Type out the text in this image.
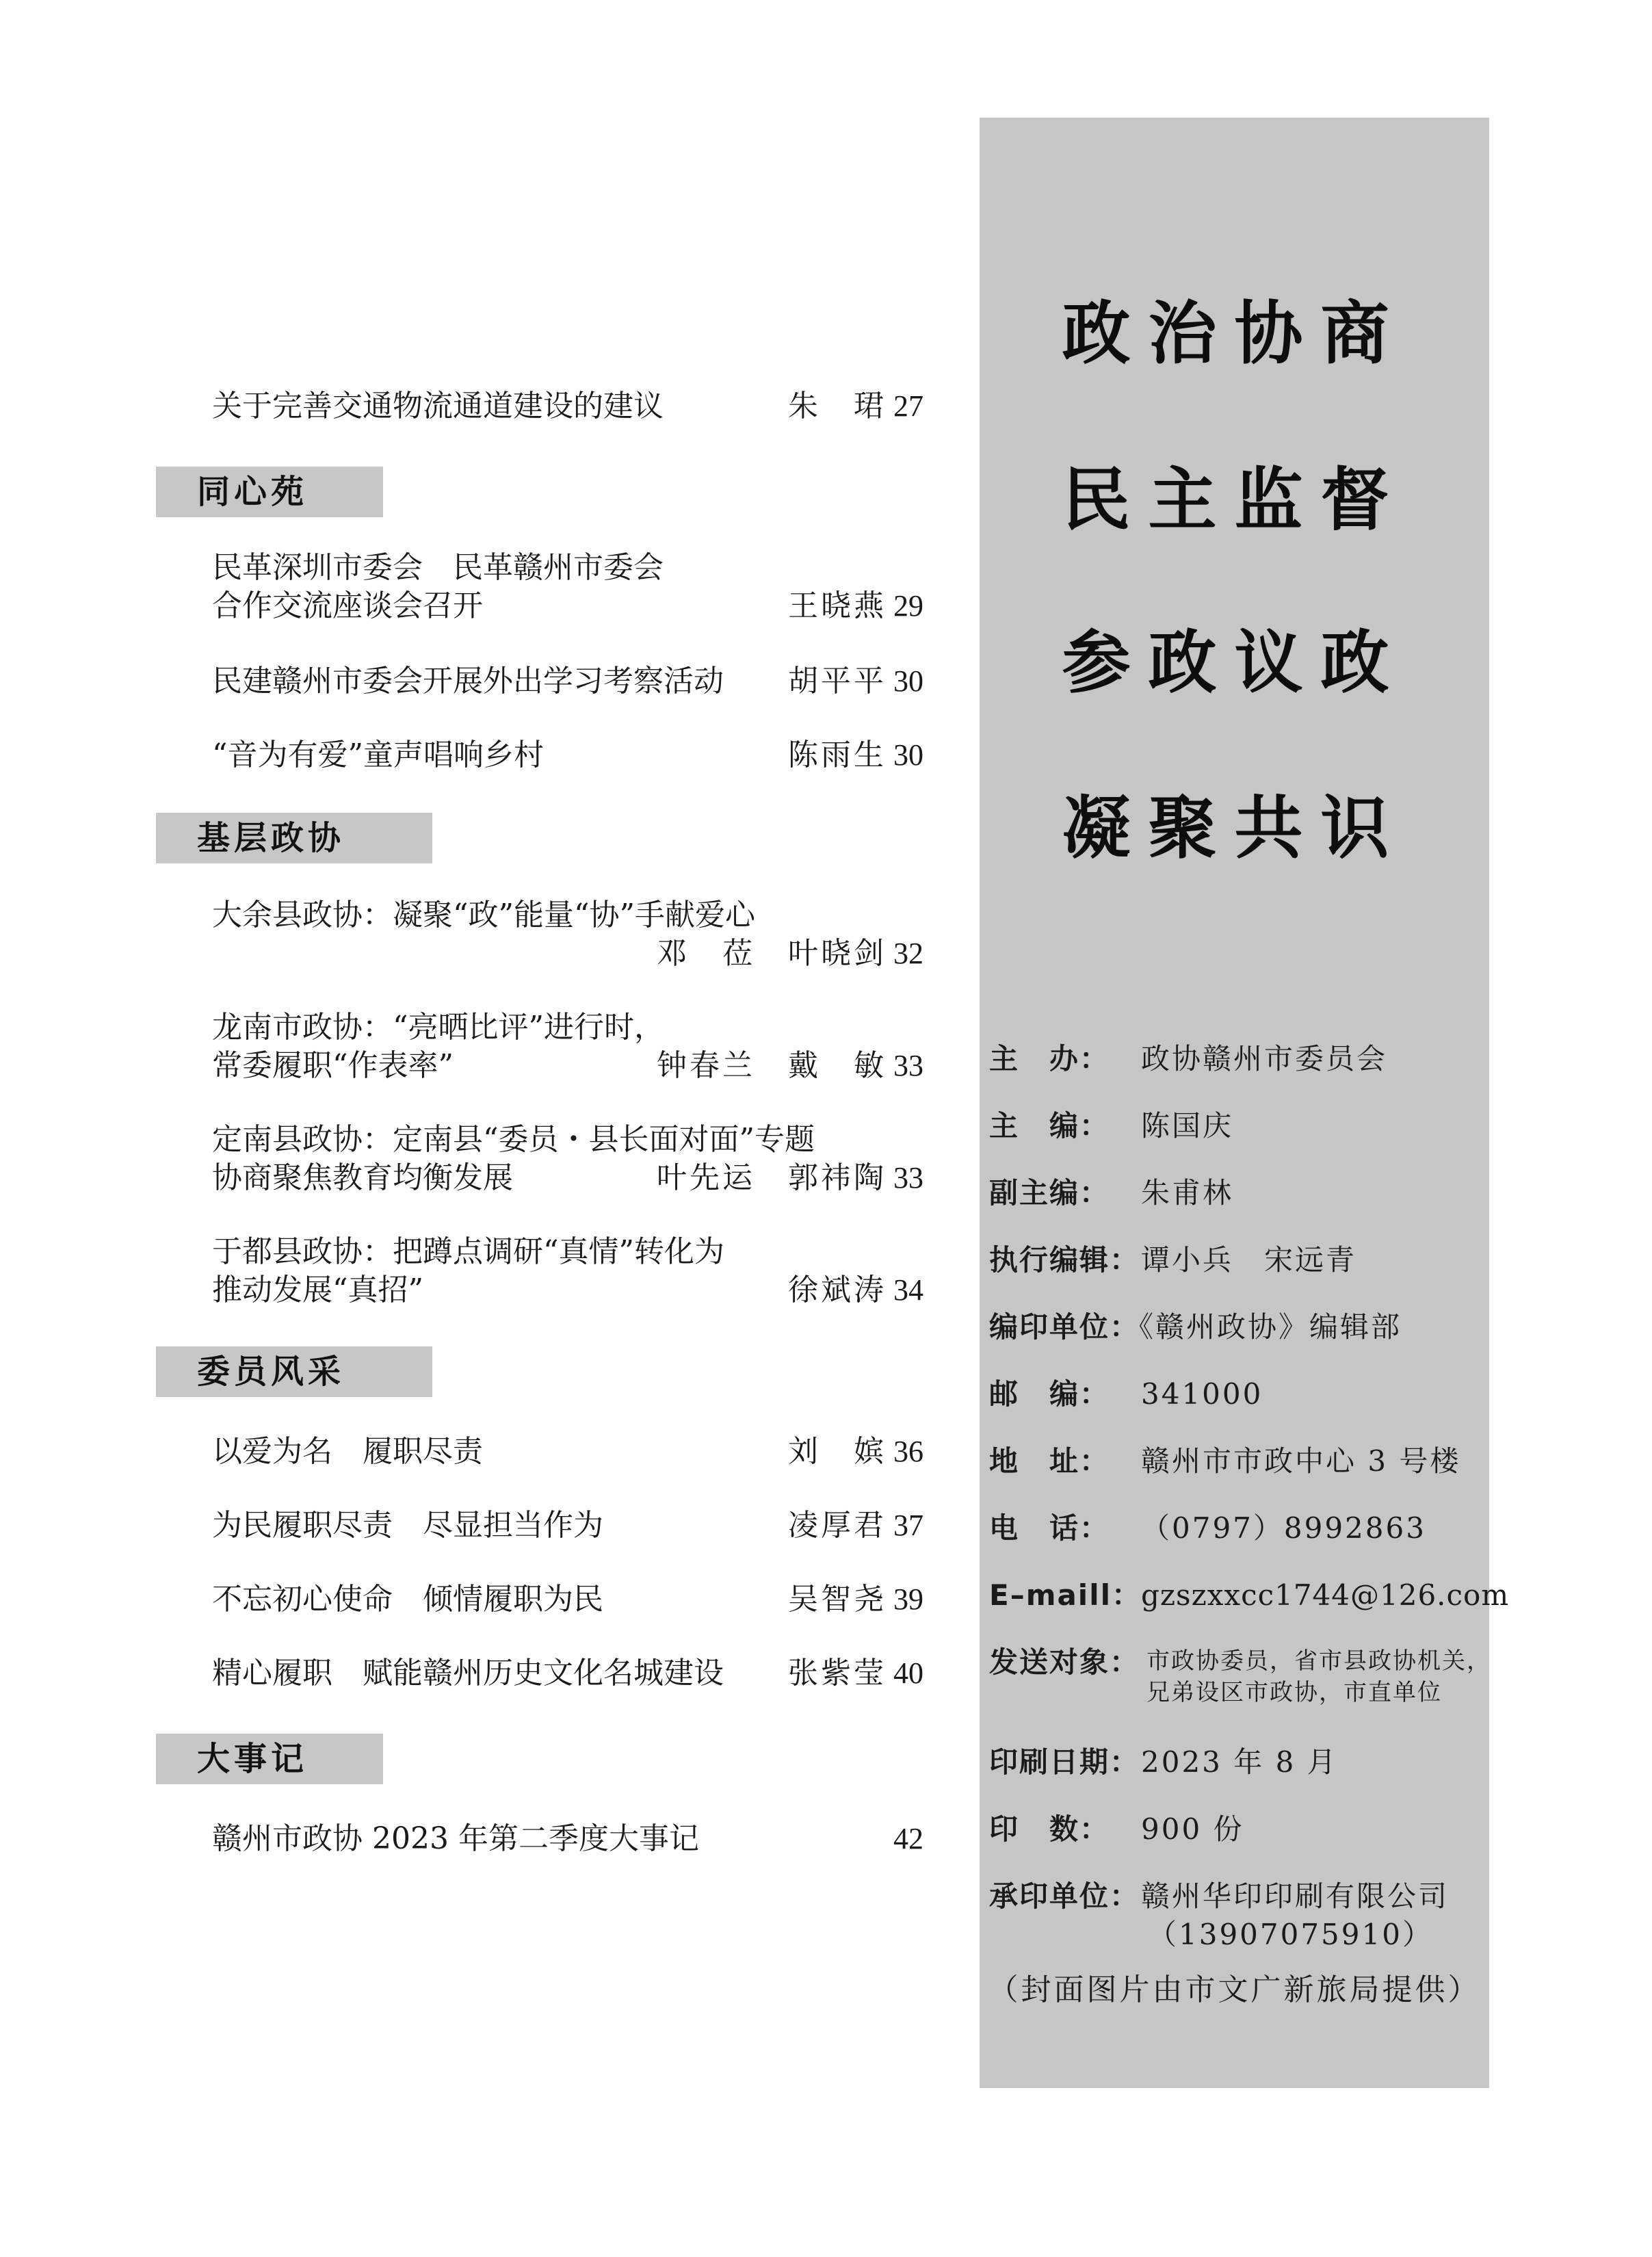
关于完善交通物流通道建设的建议	朱　珺 27
同心苑
民革深圳市委会　民革赣州市委会
合作交流座谈会召开	王晓燕 29
民建赣州市委会开展外出学习考察活动 胡平平 30
“音为有爱”童声唱响乡村	陈雨生 30
基层政协
大余县政协：凝聚“政”能量“协”手献爱心
邓　莅　叶晓剑 32
龙南市政协：“亮晒比评”进行时，
常委履职“作表率”	钟春兰　戴　敏 33
定南县政协：定南县“委员・县长面对面”专题
协商聚焦教育均衡发展	叶先运　郭祎陶 33
于都县政协：把蹲点调研“真情”转化为
推动发展“真招”	徐斌涛 34
委员风采
以爱为名　履职尽责	刘　嫔 36
为民履职尽责　尽显担当作为	凌厚君 37
不忘初心使命　倾情履职为民	吴智尧 39
精心履职　赋能赣州历史文化名城建设 张紫莹 40
大事记
赣州市政协 2023 年第二季度大事记	42
政治协商
民主监督
参政议政
凝聚共识
主　办： 政协赣州市委员会
主　编： 陈国庆
副主编： 朱甫林
执行编辑： 谭小兵　宋远青
编印单位：
《赣州政协》编辑部
邮　编： 341000
地　址： 赣州市市政中心 3 号楼
电　话： （0797）8992863
E–maill： gzszxxcc1744@126.com
发送对象： 市政协委员，省市县政协机关，
兄弟设区市政协，市直单位
印刷日期： 2023 年 8 月
印　数： 900 份
承印单位： 赣州华印印刷有限公司
（13907075910）
（封面图片由市文广新旅局提供）
